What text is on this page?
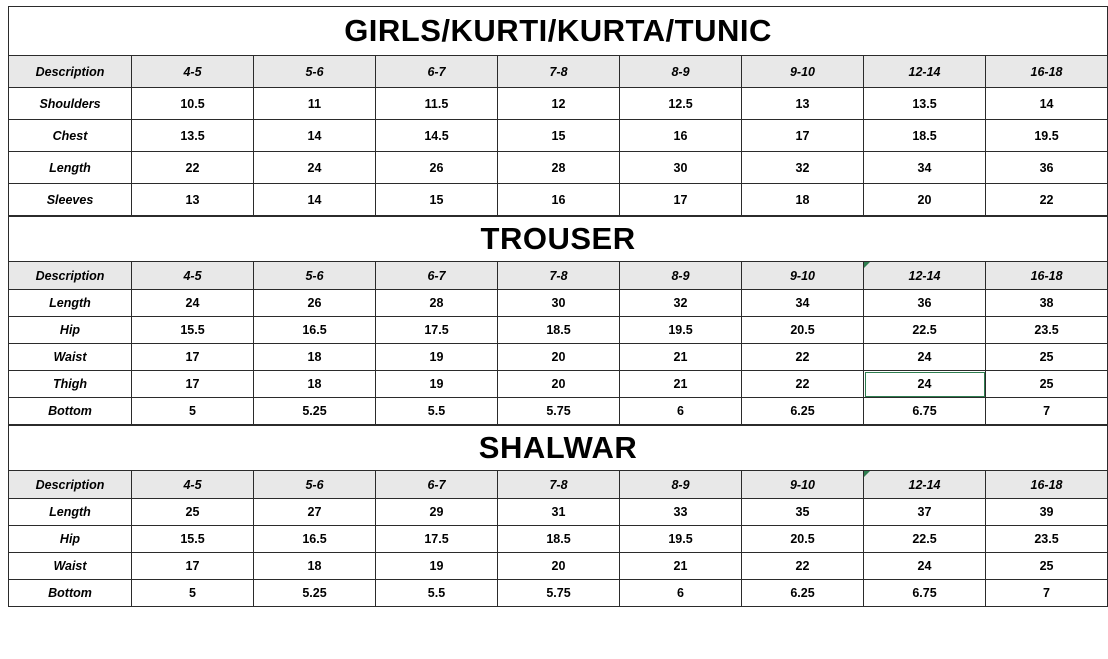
GIRLS/KURTI/KURTA/TUNIC								
Description	4-5	5-6	6-7	7-8	8-9	9-10	12-14	16-18
Shoulders	10.5	11	11.5	12	12.5	13	13.5	14
Chest	13.5	14	14.5	15	16	17	18.5	19.5
Length	22	24	26	28	30	32	34	36
Sleeves	13	14	15	16	17	18	20	22
TROUSER								
Description	4-5	5-6	6-7	7-8	8-9	9-10	12-14	16-18
Length	24	26	28	30	32	34	36	38
Hip	15.5	16.5	17.5	18.5	19.5	20.5	22.5	23.5
Waist	17	18	19	20	21	22	24	25
Thigh	17	18	19	20	21	22	24	25
Bottom	5	5.25	5.5	5.75	6	6.25	6.75	7
SHALWAR								
Description	4-5	5-6	6-7	7-8	8-9	9-10	12-14	16-18
Length	25	27	29	31	33	35	37	39
Hip	15.5	16.5	17.5	18.5	19.5	20.5	22.5	23.5
Waist	17	18	19	20	21	22	24	25
Bottom	5	5.25	5.5	5.75	6	6.25	6.75	7
